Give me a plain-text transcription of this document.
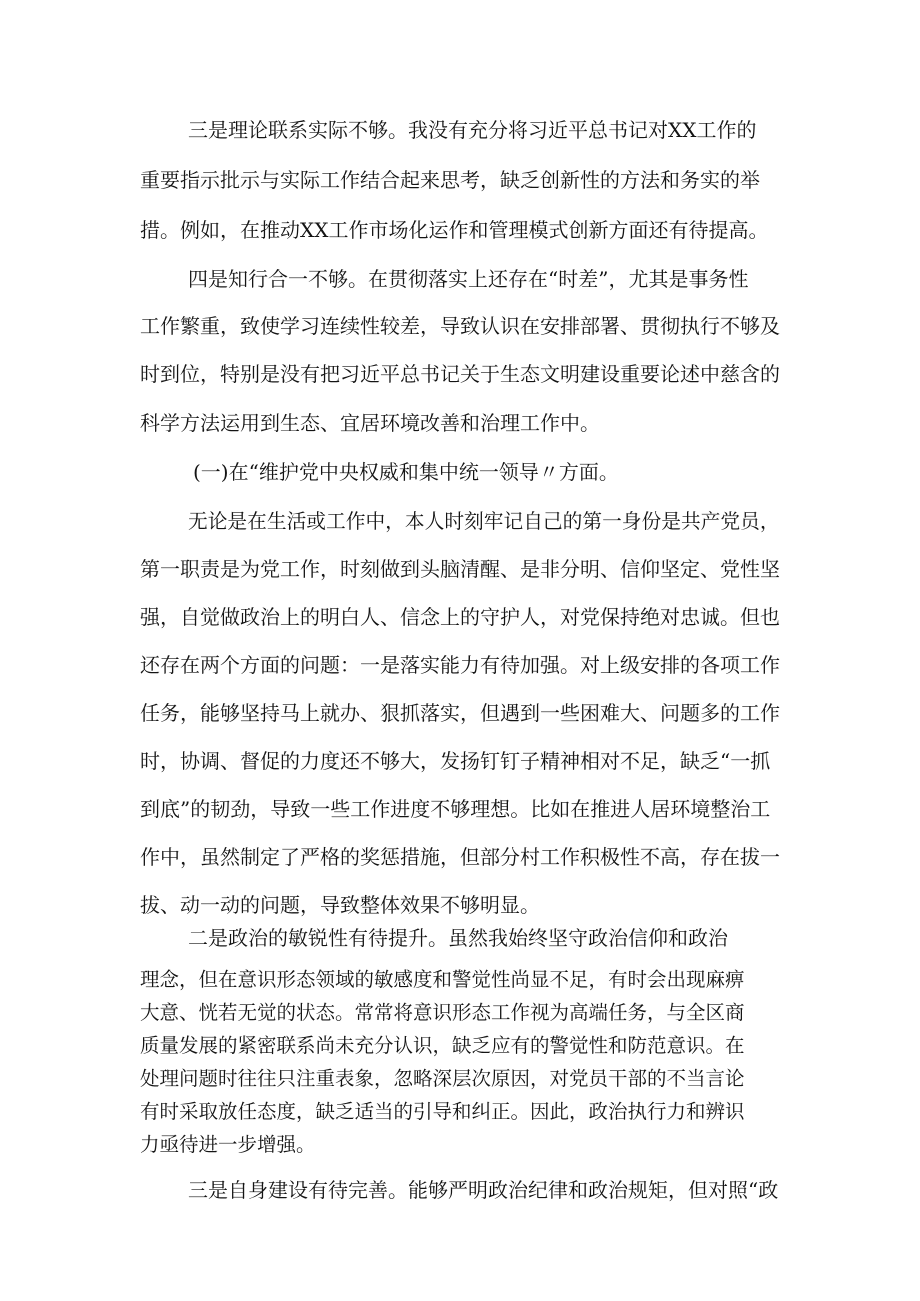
三是理论联系实际不够。我没有充分将习近平总书记对XX工作的
重要指示批示与实际工作结合起来思考，缺乏创新性的方法和务实的举
措。例如，在推动XX工作市场化运作和管理模式创新方面还有待提高。
四是知行合一不够。在贯彻落实上还存在“时差”，尤其是事务性
工作繁重，致使学习连续性较差，导致认识在安排部署、贯彻执行不够及
时到位，特别是没有把习近平总书记关于生态文明建设重要论述中慈含的
科学方法运用到生态、宜居环境改善和治理工作中。
(一)在“维护党中央权威和集中统一领导〃方面。
无论是在生活或工作中，本人时刻牢记自己的第一身份是共产党员，
第一职责是为党工作，时刻做到头脑清醒、是非分明、信仰坚定、党性坚
强，自觉做政治上的明白人、信念上的守护人，对党保持绝对忠诚。但也
还存在两个方面的问题：一是落实能力有待加强。对上级安排的各项工作
任务，能够坚持马上就办、狠抓落实，但遇到一些困难大、问题多的工作
时，协调、督促的力度还不够大，发扬钉钉子精神相对不足，缺乏“一抓
到底”的韧劲，导致一些工作进度不够理想。比如在推进人居环境整治工
作中，虽然制定了严格的奖惩措施，但部分村工作积极性不高，存在拔一
拔、动一动的问题，导致整体效果不够明显。
二是政治的敏锐性有待提升。虽然我始终坚守政治信仰和政治
理念，但在意识形态领域的敏感度和警觉性尚显不足，有时会出现麻痹
大意、恍若无觉的状态。常常将意识形态工作视为高端任务，与全区商
质量发展的紧密联系尚未充分认识，缺乏应有的警觉性和防范意识。在
处理问题时往往只注重表象，忽略深层次原因，对党员干部的不当言论
有时采取放任态度，缺乏适当的引导和纠正。因此，政治执行力和辨识
力亟待进一步增强。
三是自身建设有待完善。能够严明政治纪律和政治规矩，但对照“政
